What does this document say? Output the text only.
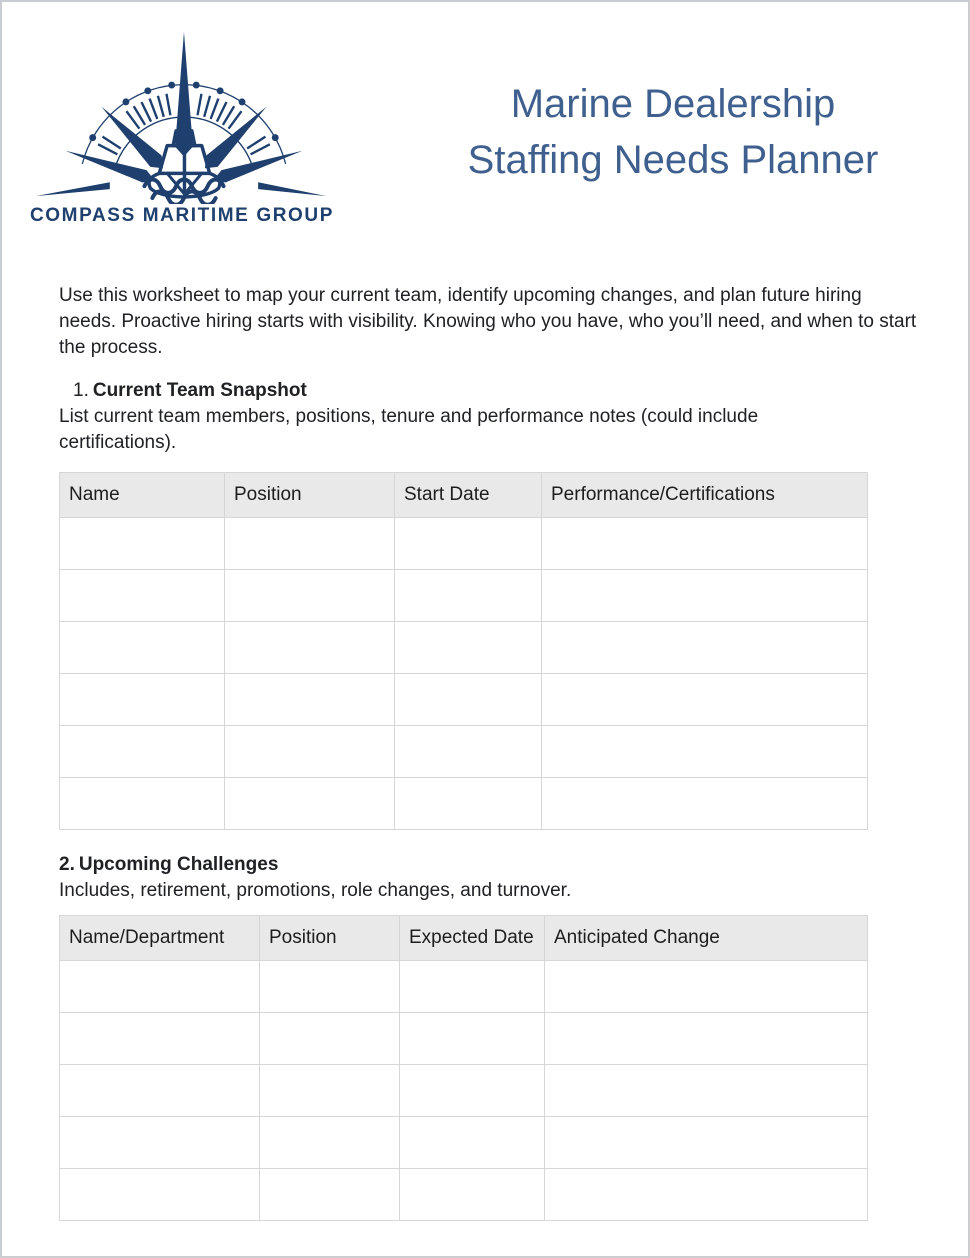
COMPASS MARITIME GROUP
Marine Dealership
Staffing Needs Planner

Use this worksheet to map your current team, identify upcoming changes, and plan future hiring needs. Proactive hiring starts with visibility. Knowing who you have, who you’ll need, and when to start the process.

1. Current Team Snapshot

List current team members, positions, tenure and performance notes (could include certifications).

Name	Position	Start Date	Performance/Certifications

2. Upcoming Challenges

Includes, retirement, promotions, role changes, and turnover.

Name/Department	Position	Expected Date	Anticipated Change
